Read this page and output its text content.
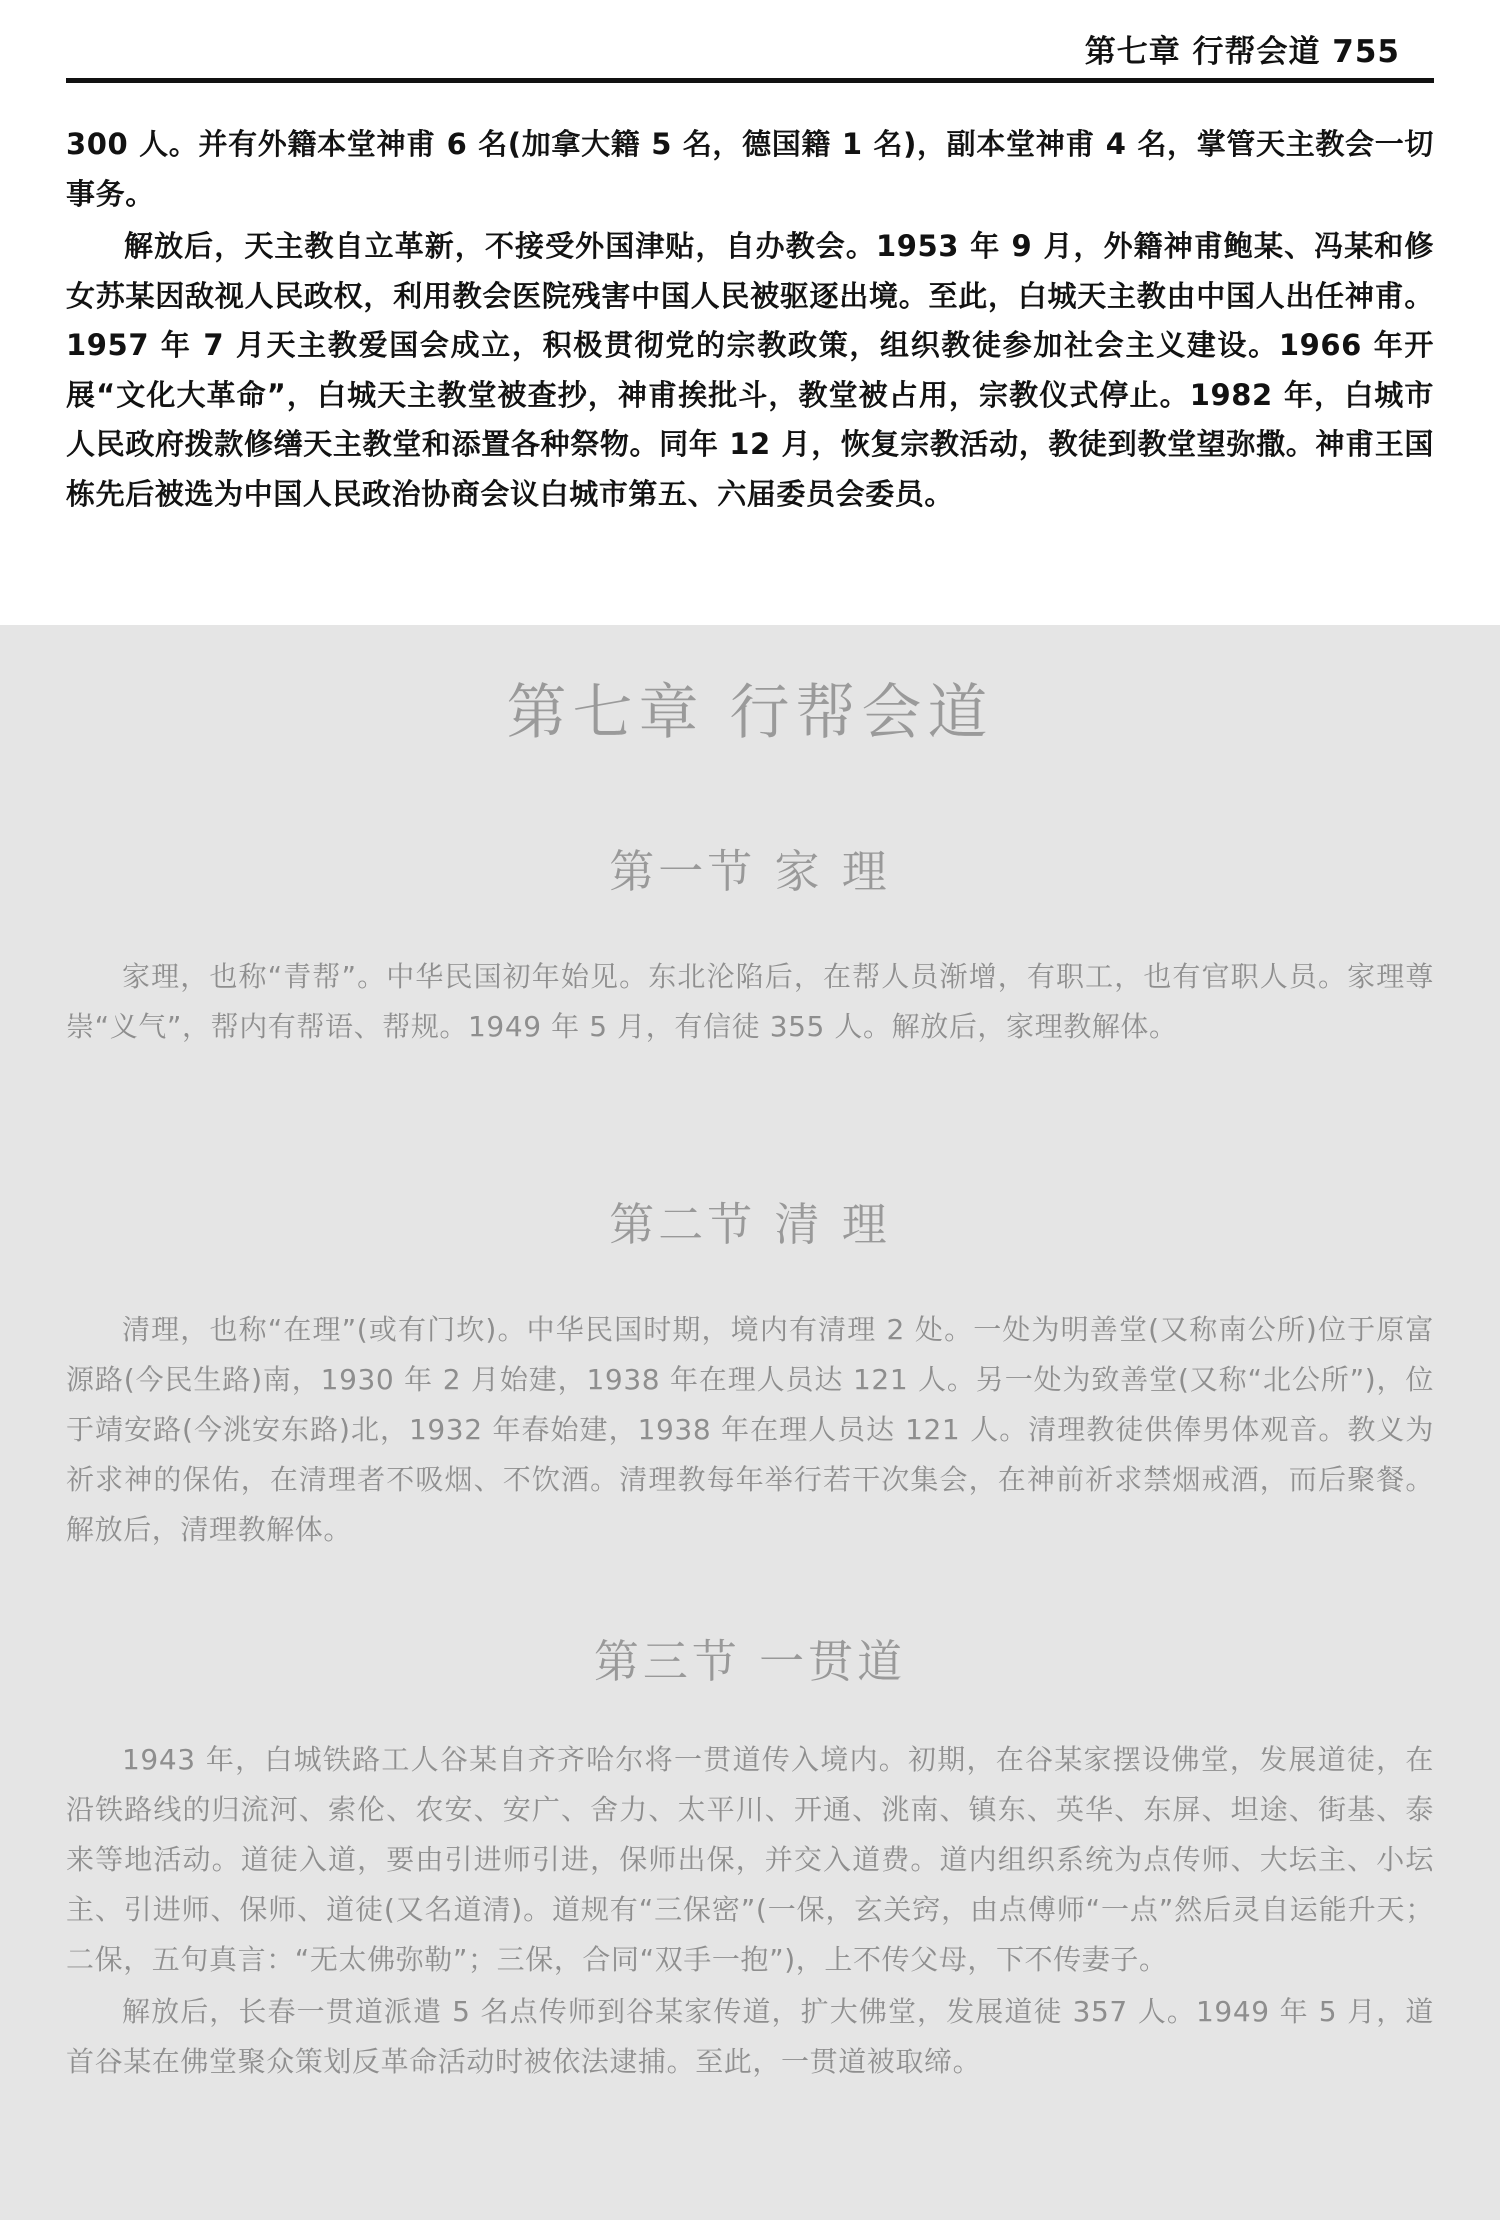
第七章 行帮会道 755

300 人。并有外籍本堂神甫 6 名(加拿大籍 5 名，德国籍 1 名)，副本堂神甫 4 名，掌管天主教会一切事务。

解放后，天主教自立革新，不接受外国津贴，自办教会。1953 年 9 月，外籍神甫鲍某、冯某和修女苏某因敌视人民政权，利用教会医院残害中国人民被驱逐出境。至此，白城天主教由中国人出任神甫。1957 年 7 月天主教爱国会成立，积极贯彻党的宗教政策，组织教徒参加社会主义建设。1966 年开展“文化大革命”，白城天主教堂被查抄，神甫挨批斗，教堂被占用，宗教仪式停止。1982 年，白城市人民政府拨款修缮天主教堂和添置各种祭物。同年 12 月，恢复宗教活动，教徒到教堂望弥撒。神甫王国栋先后被选为中国人民政治协商会议白城市第五、六届委员会委员。

第七章 行帮会道
第一节 家 理

家理，也称“青帮”。中华民国初年始见。东北沦陷后，在帮人员渐增，有职工，也有官职人员。家理尊崇“义气”，帮内有帮语、帮规。1949 年 5 月，有信徒 355 人。解放后，家理教解体。

第二节 清 理

清理，也称“在理”(或有门坎)。中华民国时期，境内有清理 2 处。一处为明善堂(又称南公所)位于原富源路(今民生路)南，1930 年 2 月始建，1938 年在理人员达 121 人。另一处为致善堂(又称“北公所”)，位于靖安路(今洮安东路)北，1932 年春始建，1938 年在理人员达 121 人。清理教徒供俸男体观音。教义为祈求神的保佑，在清理者不吸烟、不饮酒。清理教每年举行若干次集会，在神前祈求禁烟戒酒，而后聚餐。解放后，清理教解体。

第三节 一贯道

1943 年，白城铁路工人谷某自齐齐哈尔将一贯道传入境内。初期，在谷某家摆设佛堂，发展道徒，在沿铁路线的归流河、索伦、农安、安广、舍力、太平川、开通、洮南、镇东、英华、东屏、坦途、街基、泰来等地活动。道徒入道，要由引进师引进，保师出保，并交入道费。道内组织系统为点传师、大坛主、小坛主、引进师、保师、道徒(又名道清)。道规有“三保密”(一保，玄关窍，由点傅师“一点”然后灵自运能升天；二保，五句真言：“无太佛弥勒”；三保，合同“双手一抱”)，上不传父母，下不传妻子。

解放后，长春一贯道派遣 5 名点传师到谷某家传道，扩大佛堂，发展道徒 357 人。1949 年 5 月，道首谷某在佛堂聚众策划反革命活动时被依法逮捕。至此，一贯道被取缔。
